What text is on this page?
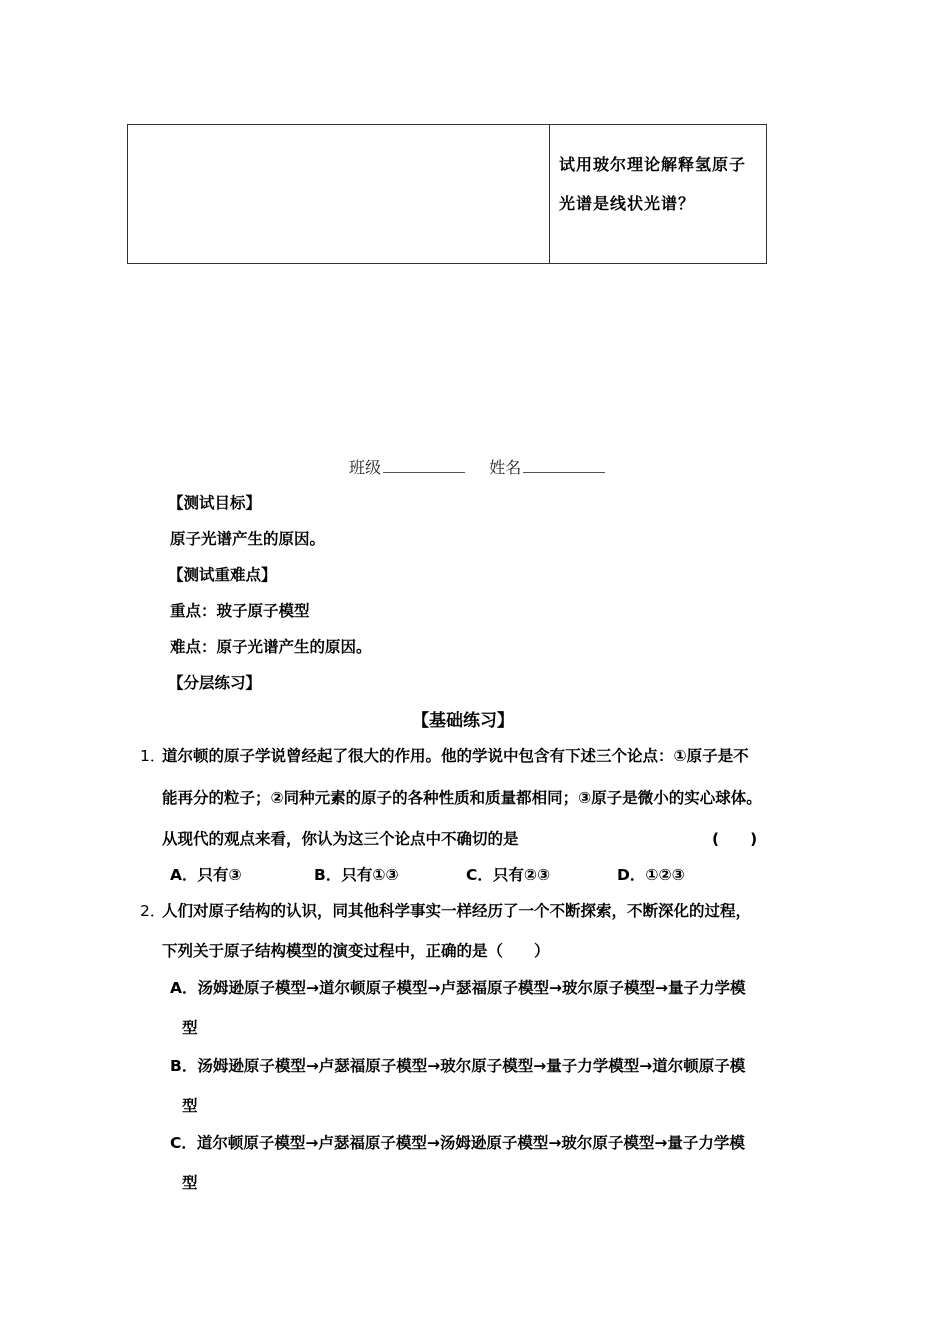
试用玻尔理论解释氢原子
光谱是线状光谱？
班级	姓名
【测试目标】
原子光谱产生的原因。
【测试重难点】
重点：玻子原子模型
难点：原子光谱产生的原因。
【分层练习】
【基础练习】
1．
道尔顿的原子学说曾经起了很大的作用。他的学说中包含有下述三个论点：①原子是不
能再分的粒子；②同种元素的原子的各种性质和质量都相同；③原子是微小的实心球体。
从现代的观点来看，你认为这三个论点中不确切的是	(　　)
A．只有③	B．只有①③	C．只有②③	D．①②③
2．
人们对原子结构的认识，同其他科学事实一样经历了一个不断探索，不断深化的过程，
下列关于原子结构模型的演变过程中，正确的是（　　）
A．汤姆逊原子模型→道尔顿原子模型→卢瑟福原子模型→玻尔原子模型→量子力学模
型
B．汤姆逊原子模型→卢瑟福原子模型→玻尔原子模型→量子力学模型→道尔顿原子模
型
C．道尔顿原子模型→卢瑟福原子模型→汤姆逊原子模型→玻尔原子模型→量子力学模
型
